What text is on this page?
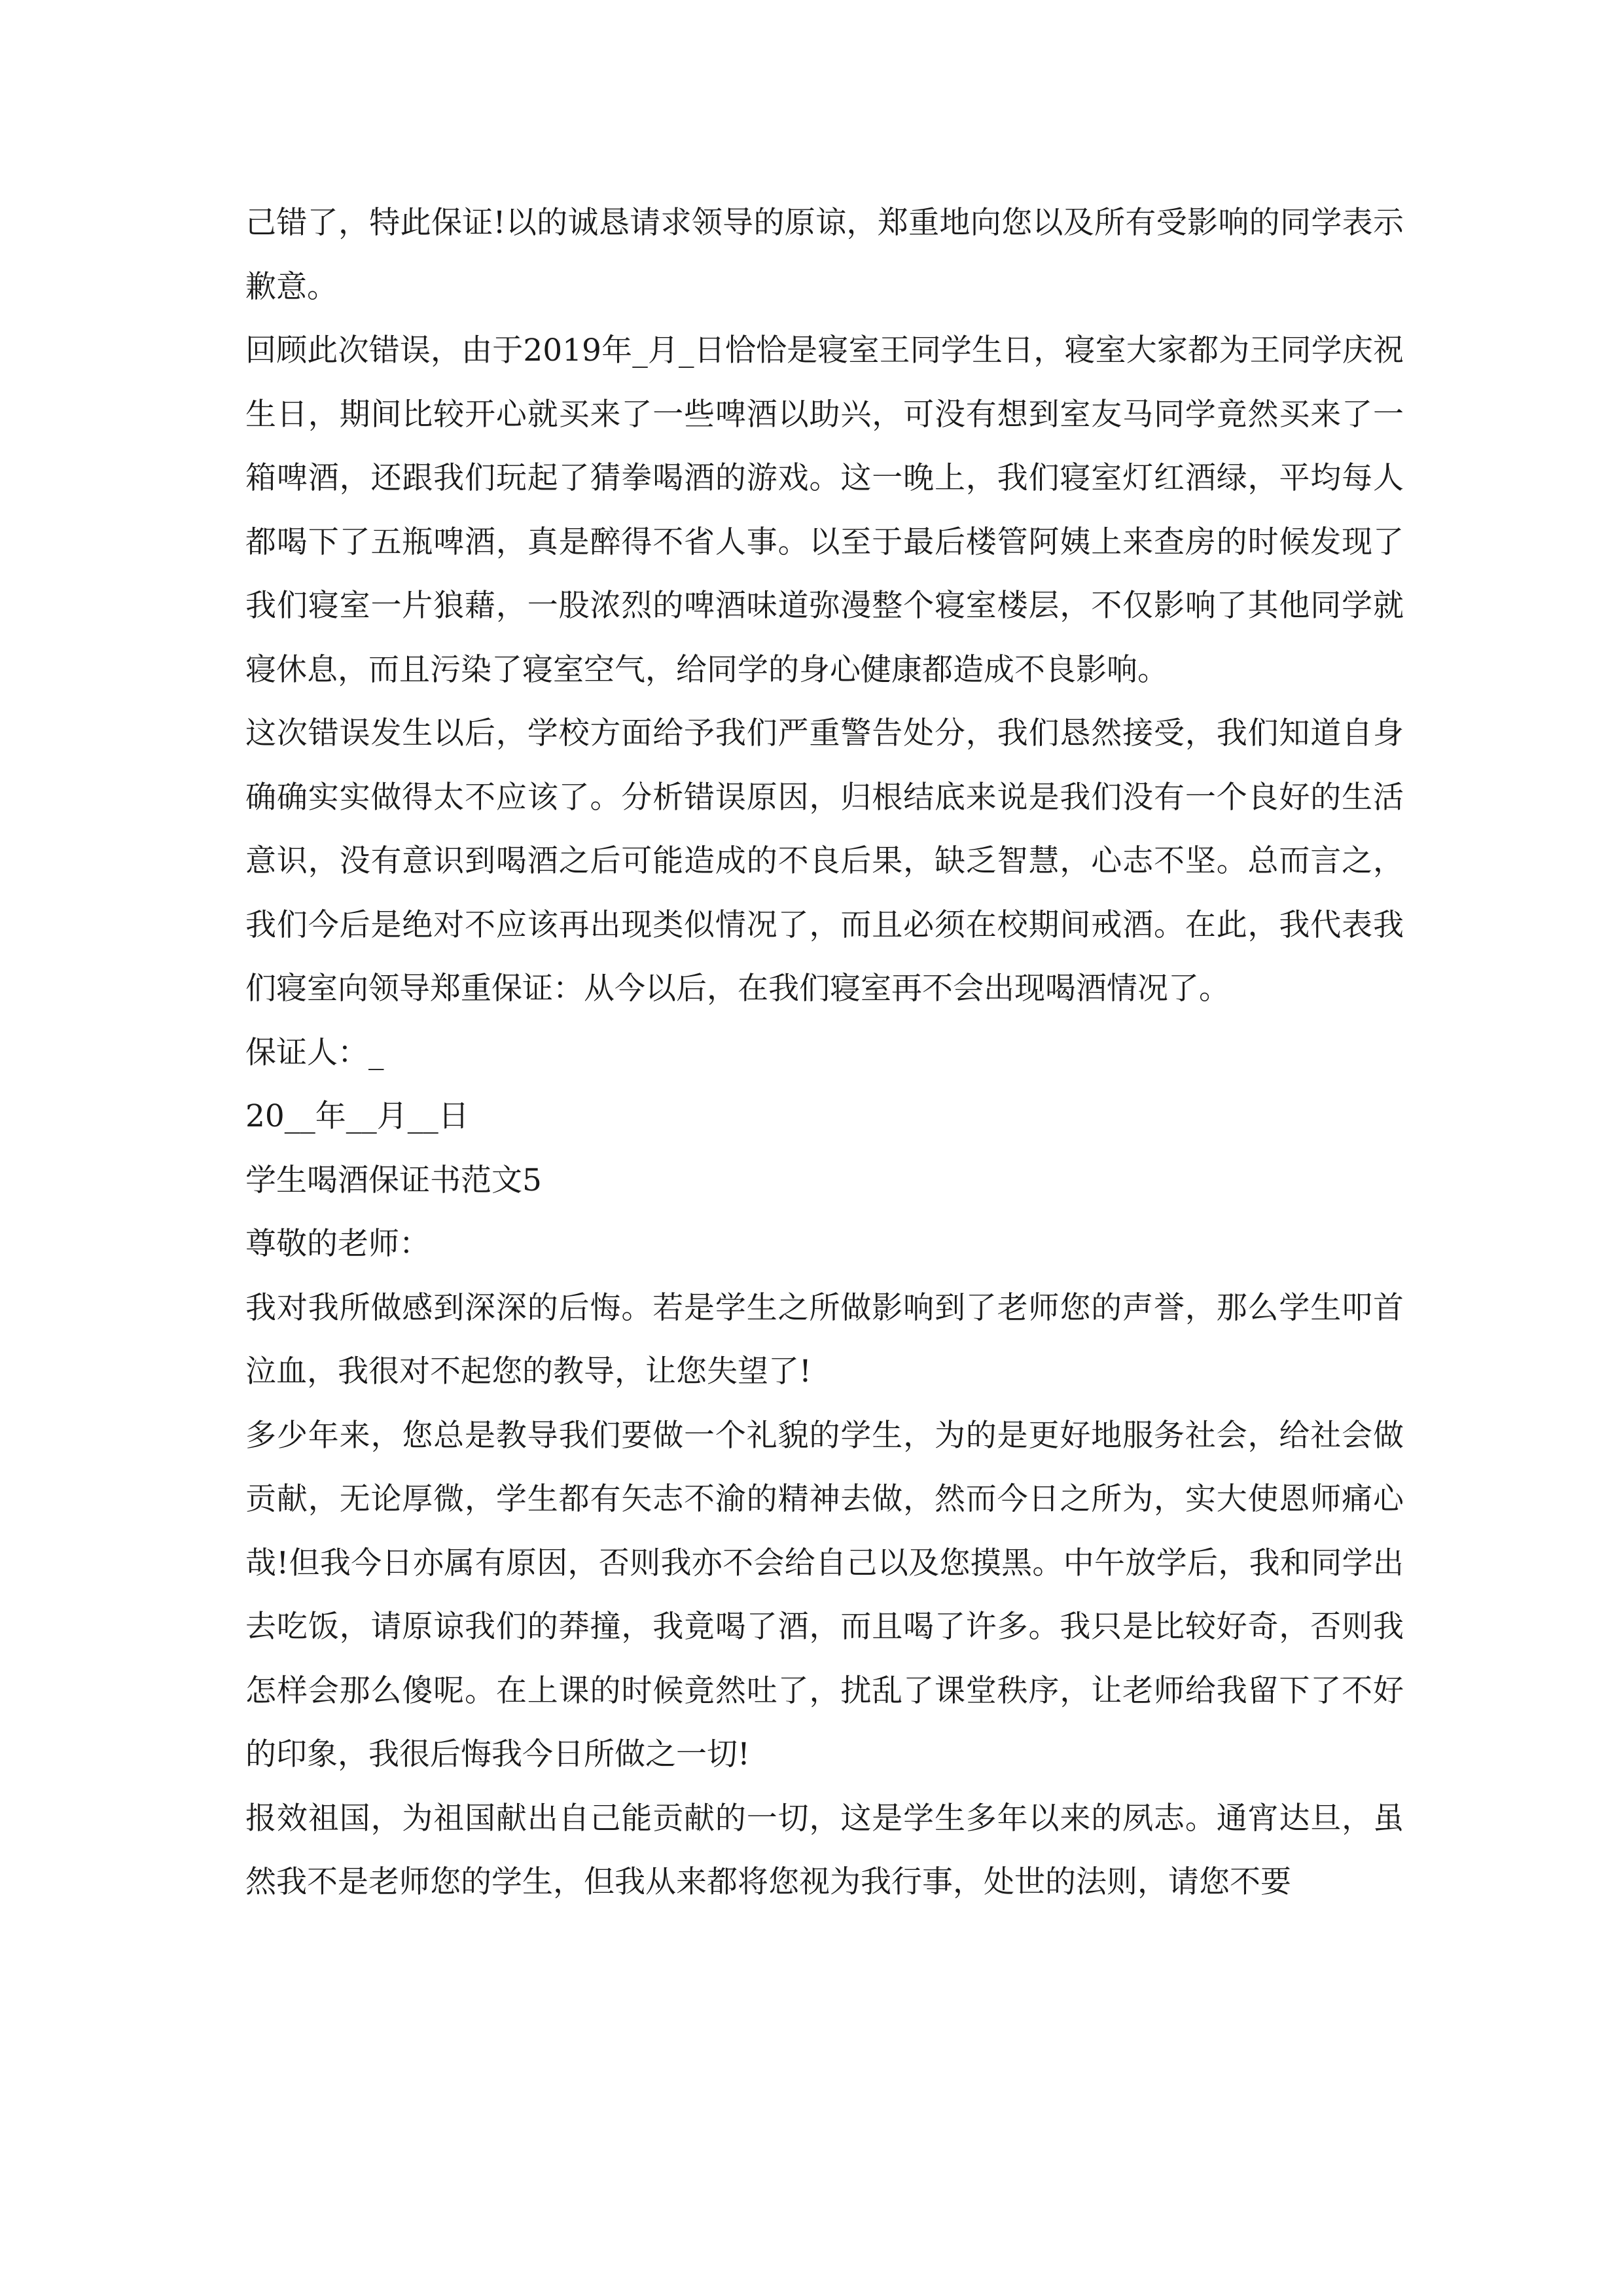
己错了，特此保证!以的诚恳请求领导的原谅，郑重地向您以及所有受影响的同学表示歉意。

回顾此次错误，由于2019年_月_日恰恰是寝室王同学生日，寝室大家都为王同学庆祝生日，期间比较开心就买来了一些啤酒以助兴，可没有想到室友马同学竟然买来了一箱啤酒，还跟我们玩起了猜拳喝酒的游戏。这一晚上，我们寝室灯红酒绿，平均每人都喝下了五瓶啤酒，真是醉得不省人事。以至于最后楼管阿姨上来查房的时候发现了我们寝室一片狼藉，一股浓烈的啤酒味道弥漫整个寝室楼层，不仅影响了其他同学就寝休息，而且污染了寝室空气，给同学的身心健康都造成不良影响。

这次错误发生以后，学校方面给予我们严重警告处分，我们恳然接受，我们知道自身确确实实做得太不应该了。分析错误原因，归根结底来说是我们没有一个良好的生活意识，没有意识到喝酒之后可能造成的不良后果，缺乏智慧，心志不坚。总而言之，我们今后是绝对不应该再出现类似情况了，而且必须在校期间戒酒。在此，我代表我们寝室向领导郑重保证：从今以后，在我们寝室再不会出现喝酒情况了。

保证人：_

20__年__月__日

学生喝酒保证书范文5

尊敬的老师：

我对我所做感到深深的后悔。若是学生之所做影响到了老师您的声誉，那么学生叩首泣血，我很对不起您的教导，让您失望了!

多少年来，您总是教导我们要做一个礼貌的学生，为的是更好地服务社会，给社会做贡献，无论厚微，学生都有矢志不渝的精神去做，然而今日之所为，实大使恩师痛心哉!但我今日亦属有原因，否则我亦不会给自己以及您摸黑。中午放学后，我和同学出去吃饭，请原谅我们的莽撞，我竟喝了酒，而且喝了许多。我只是比较好奇，否则我怎样会那么傻呢。在上课的时候竟然吐了，扰乱了课堂秩序，让老师给我留下了不好的印象，我很后悔我今日所做之一切!

报效祖国，为祖国献出自己能贡献的一切，这是学生多年以来的夙志。通宵达旦，虽然我不是老师您的学生，但我从来都将您视为我行事，处世的法则，请您不要
